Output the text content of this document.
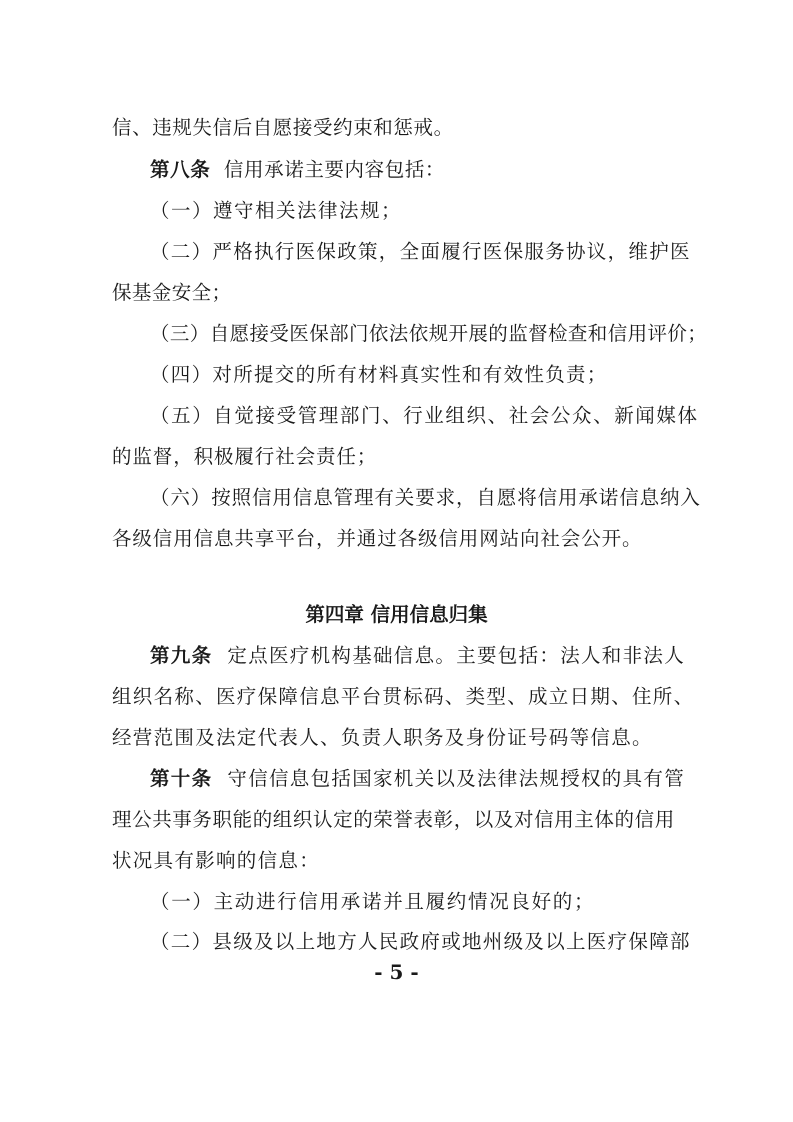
信、违规失信后自愿接受约束和惩戒。
第八条 信用承诺主要内容包括：
（一）遵守相关法律法规；
（二）严格执行医保政策，全面履行医保服务协议，维护医
保基金安全；
（三）自愿接受医保部门依法依规开展的监督检查和信用评价；
（四）对所提交的所有材料真实性和有效性负责；
（五）自觉接受管理部门、行业组织、社会公众、新闻媒体
的监督，积极履行社会责任；
（六）按照信用信息管理有关要求，自愿将信用承诺信息纳入
各级信用信息共享平台，并通过各级信用网站向社会公开。
第四章 信用信息归集
第九条 定点医疗机构基础信息。主要包括：法人和非法人
组织名称、医疗保障信息平台贯标码、类型、成立日期、住所、
经营范围及法定代表人、负责人职务及身份证号码等信息。
第十条 守信信息包括国家机关以及法律法规授权的具有管
理公共事务职能的组织认定的荣誉表彰，以及对信用主体的信用
状况具有影响的信息：
（一）主动进行信用承诺并且履约情况良好的；
（二）县级及以上地方人民政府或地州级及以上医疗保障部
- 5 -
